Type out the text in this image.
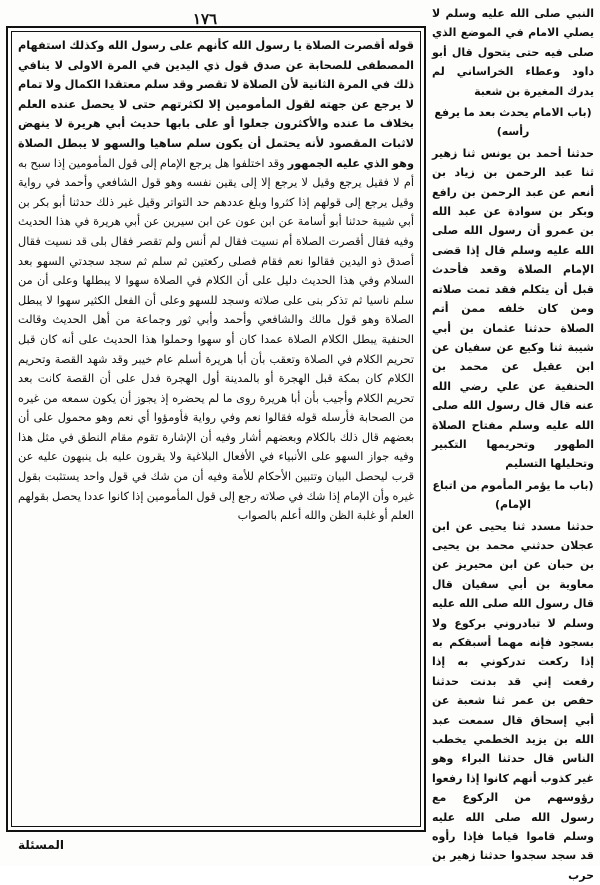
١٧٦
قوله أقصرت الصلاة يا رسول الله كأنهم على رسول الله وكذلك استفهام المصطفى للصحابة عن صدق قول ذي اليدين في المرة الاولى لا ينافي ذلك في المرة الثانية لأن الصلاة لا تقصر وقد سلم معتقدا الكمال ولا تمام لا يرجع عن جهته لقول المأمومين إلا لكثرتهم حتى لا يحصل عنده العلم بخلاف ما عنده والأكثرون جعلوا أو على بابها حديث أبي هريرة لا ينهض لاثبات المقصود لأنه يحتمل أن يكون سلم ساهيا والسهو لا يبطل الصلاة وهو الذي عليه الجمهور وقد اختلفوا هل يرجع الإمام إلى قول المأمومين إذا سبح به أم لا فقيل يرجع وقيل لا يرجع إلا إلى يقين نفسه وهو قول الشافعي وأحمد في رواية وقيل يرجع إلى قولهم إذا كثروا وبلغ عددهم حد التواتر وقيل غير ذلك حدثنا أبو بكر بن أبي شيبة حدثنا أبو أسامة عن ابن عون عن ابن سيرين عن أبي هريرة في هذا الحديث وفيه فقال أقصرت الصلاة أم نسيت فقال لم أنس ولم تقصر فقال بلى قد نسيت فقال أصدق ذو اليدين فقالوا نعم فقام فصلى ركعتين ثم سلم ثم سجد سجدتي السهو بعد السلام وفي هذا الحديث دليل على أن الكلام في الصلاة سهوا لا يبطلها وعلى أن من سلم ناسيا ثم تذكر بنى على صلاته وسجد للسهو وعلى أن الفعل الكثير سهوا لا يبطل الصلاة وهو قول مالك والشافعي وأحمد وأبي ثور وجماعة من أهل الحديث وقالت الحنفية يبطل الكلام الصلاة عمدا كان أو سهوا وحملوا هذا الحديث على أنه كان قبل تحريم الكلام في الصلاة وتعقب بأن أبا هريرة أسلم عام خيبر وقد شهد القصة وتحريم الكلام كان بمكة قبل الهجرة أو بالمدينة أول الهجرة فدل على أن القصة كانت بعد تحريم الكلام وأجيب بأن أبا هريرة روى ما لم يحضره إذ يجوز أن يكون سمعه من غيره من الصحابة فأرسله قوله فقالوا نعم وفي رواية فأومؤوا أي نعم وهو محمول على أن بعضهم قال ذلك بالكلام وبعضهم أشار وفيه أن الإشارة تقوم مقام النطق في مثل هذا وفيه جواز السهو على الأنبياء في الأفعال البلاغية ولا يقرون عليه بل ينبهون عليه عن قرب ليحصل البيان وتتبين الأحكام للأمة وفيه أن من شك في قول واحد يستثبت بقول غيره وأن الإمام إذا شك في صلاته رجع إلى قول المأمومين إذا كانوا عددا يحصل بقولهم العلم أو غلبة الظن والله أعلم بالصواب
النبي صلى الله عليه وسلم لا يصلي الامام في الموضع الذي صلى فيه حتى يتحول قال أبو داود وعطاء الخراساني لم يدرك المغيرة بن شعبة
(باب الامام يحدث بعد ما يرفع رأسه)
حدثنا أحمد بن يونس ثنا زهير ثنا عبد الرحمن بن زياد بن أنعم عن عبد الرحمن بن رافع وبكر بن سوادة عن عبد الله بن عمرو أن رسول الله صلى الله عليه وسلم قال إذا قضى الإمام الصلاة وقعد فأحدث قبل أن يتكلم فقد تمت صلاته ومن كان خلفه ممن أتم الصلاة حدثنا عثمان بن أبي شيبة ثنا وكيع عن سفيان عن ابن عقيل عن محمد بن الحنفية عن علي رضي الله عنه قال قال رسول الله صلى الله عليه وسلم مفتاح الصلاة الطهور وتحريمها التكبير وتحليلها التسليم
(باب ما يؤمر المأموم من اتباع الإمام)
حدثنا مسدد ثنا يحيى عن ابن عجلان حدثني محمد بن يحيى بن حبان عن ابن محيريز عن معاوية بن أبي سفيان قال قال رسول الله صلى الله عليه وسلم لا تبادروني بركوع ولا بسجود فإنه مهما أسبقكم به إذا ركعت تدركوني به إذا رفعت إني قد بدنت حدثنا حفص بن عمر ثنا شعبة عن أبي إسحاق قال سمعت عبد الله بن يزيد الخطمي يخطب الناس قال حدثنا البراء وهو غير كذوب أنهم كانوا إذا رفعوا رؤوسهم من الركوع مع رسول الله صلى الله عليه وسلم قاموا قياما فإذا رأوه قد سجد سجدوا حدثنا زهير بن حرب
المسئلة
